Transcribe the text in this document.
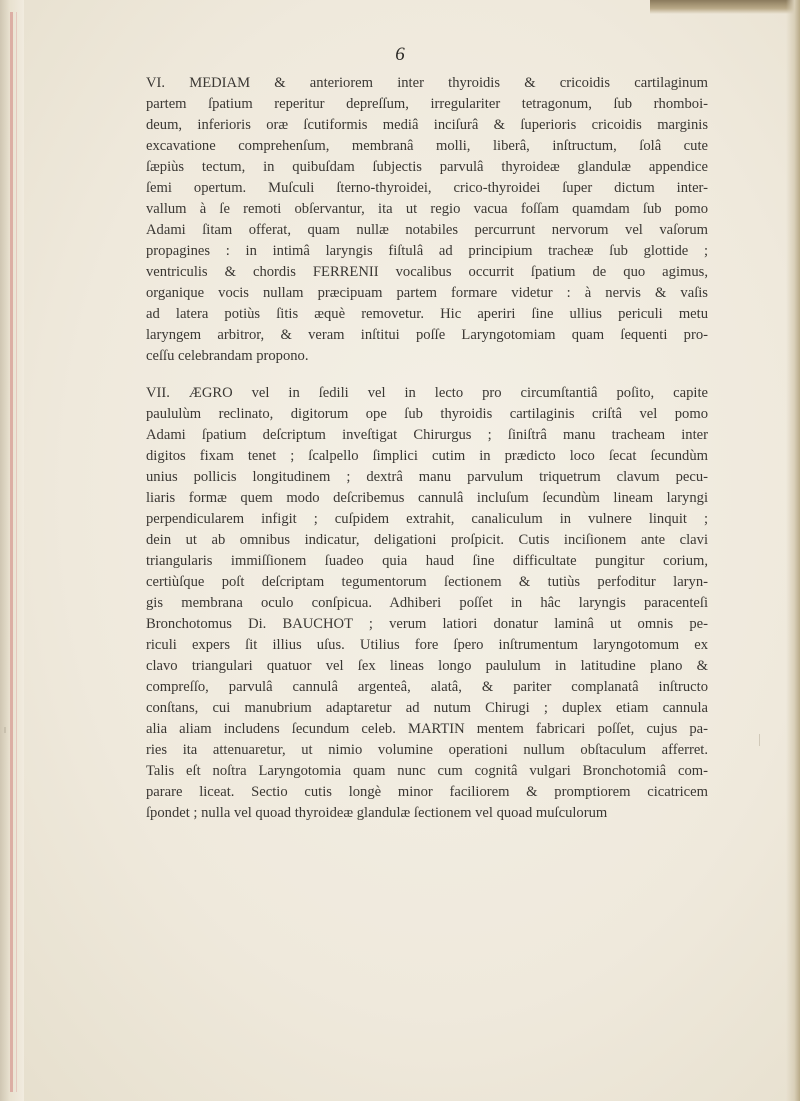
6
VI. MEDIAM & anteriorem inter thyroidis & cricoidis cartilaginum
partem ſpatium reperitur depreſſum, irregulariter tetragonum, ſub rhomboi-
deum, inferioris oræ ſcutiformis mediâ inciſurâ & ſuperioris cricoidis marginis
excavatione comprehenſum, membranâ molli, liberâ, inſtructum, ſolâ cute
ſæpiùs tectum, in quibuſdam ſubjectis parvulâ thyroideæ glandulæ appendice
ſemi opertum. Muſculi ſterno-thyroidei, crico-thyroidei ſuper dictum inter-
vallum à ſe remoti obſervantur, ita ut regio vacua foſſam quamdam ſub pomo
Adami ſitam offerat, quam nullæ notabiles percurrunt nervorum vel vaſorum
propagines : in intimâ laryngis fiſtulâ ad principium tracheæ ſub glottide ;
ventriculis & chordis FERRENII vocalibus occurrit ſpatium de quo agimus,
organique vocis nullam præcipuam partem formare videtur : à nervis & vaſis
ad latera potiùs ſitis æquè removetur. Hic aperiri ſine ullius periculi metu
laryngem arbitror, & veram inſtitui poſſe Laryngotomiam quam ſequenti pro-
ceſſu celebrandam propono.
VII. ÆGRO vel in ſedili vel in lecto pro circumſtantiâ poſito, capite
paululùm reclinato, digitorum ope ſub thyroidis cartilaginis criſtâ vel pomo
Adami ſpatium deſcriptum inveſtigat Chirurgus ; ſiniſtrâ manu tracheam inter
digitos fixam tenet ; ſcalpello ſimplici cutim in prædicto loco ſecat ſecundùm
unius pollicis longitudinem ; dextrâ manu parvulum triquetrum clavum pecu-
liaris formæ quem modo deſcribemus cannulâ incluſum ſecundùm lineam laryngi
perpendicularem infigit ; cuſpidem extrahit, canaliculum in vulnere linquit ;
dein ut ab omnibus indicatur, deligationi proſpicit. Cutis inciſionem ante clavi
triangularis immiſſionem ſuadeo quia haud ſine difficultate pungitur corium,
certiùſque poſt deſcriptam tegumentorum ſectionem & tutiùs perfoditur laryn-
gis membrana oculo conſpicua. Adhiberi poſſet in hâc laryngis paracenteſi
Bronchotomus Di. BAUCHOT ; verum latiori donatur laminâ ut omnis pe-
riculi expers ſit illius uſus. Utilius fore ſpero inſtrumentum laryngotomum ex
clavo triangulari quatuor vel ſex lineas longo paululum in latitudine plano &
compreſſo, parvulâ cannulâ argenteâ, alatâ, & pariter complanatâ inſtructo
conſtans, cui manubrium adaptaretur ad nutum Chirugi ; duplex etiam cannula
alia aliam includens ſecundum celeb. MARTIN mentem fabricari poſſet, cujus pa-
ries ita attenuaretur, ut nimio volumine operationi nullum obſtaculum afferret.
Talis eſt noſtra Laryngotomia quam nunc cum cognitâ vulgari Bronchotomiâ com-
parare liceat. Sectio cutis longè minor faciliorem & promptiorem cicatricem
ſpondet ; nulla vel quoad thyroideæ glandulæ ſectionem vel quoad muſculorum
